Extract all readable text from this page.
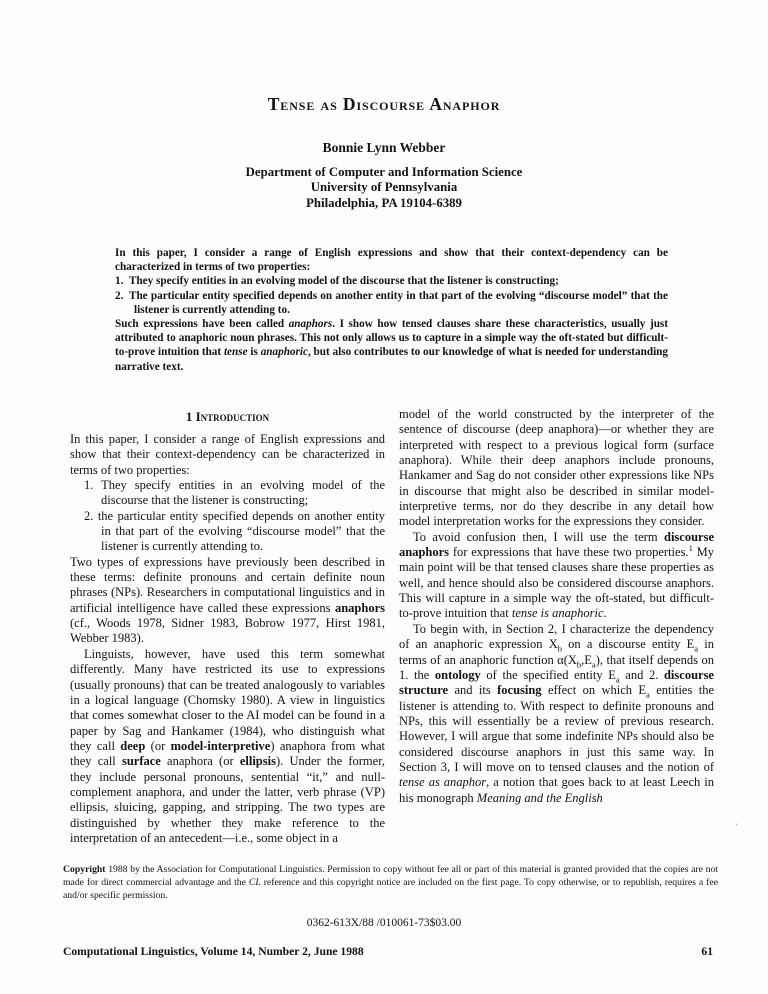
Tense as Discourse Anaphor
Bonnie Lynn Webber
Department of Computer and Information Science
University of Pennsylvania
Philadelphia, PA 19104-6389

In this paper, I consider a range of English expressions and show that their context-dependency can be characterized in terms of two properties:

1.  They specify entities in an evolving model of the discourse that the listener is constructing;

2.  The particular entity specified depends on another entity in that part of the evolving “discourse model” that the listener is currently attending to.

Such expressions have been called anaphors. I show how tensed clauses share these characteristics, usually just attributed to anaphoric noun phrases. This not only allows us to capture in a simple way the oft-stated but difficult-to-prove intuition that tense is anaphoric, but also contributes to our knowledge of what is needed for understanding narrative text.

1 Introduction

In this paper, I consider a range of English expressions and show that their context-dependency can be characterized in terms of two properties:

1. They specify entities in an evolving model of the discourse that the listener is constructing;

2. the particular entity specified depends on another entity in that part of the evolving “discourse model” that the listener is currently attending to.

Two types of expressions have previously been described in these terms: definite pronouns and certain definite noun phrases (NPs). Researchers in computational linguistics and in artificial intelligence have called these expressions anaphors (cf., Woods 1978, Sidner 1983, Bobrow 1977, Hirst 1981, Webber 1983).

Linguists, however, have used this term somewhat differently. Many have restricted its use to expressions (usually pronouns) that can be treated analogously to variables in a logical language (Chomsky 1980). A view in linguistics that comes somewhat closer to the AI model can be found in a paper by Sag and Hankamer (1984), who distinguish what they call deep (or model-interpretive) anaphora from what they call surface anaphora (or ellipsis). Under the former, they include personal pronouns, sentential “it,” and null-complement anaphora, and under the latter, verb phrase (VP) ellipsis, sluicing, gapping, and stripping. The two types are distinguished by whether they make reference to the interpretation of an antecedent—i.e., some object in a

model of the world constructed by the interpreter of the sentence of discourse (deep anaphora)—or whether they are interpreted with respect to a previous logical form (surface anaphora). While their deep anaphors include pronouns, Hankamer and Sag do not consider other expressions like NPs in discourse that might also be described in similar model-interpretive terms, nor do they describe in any detail how model interpretation works for the expressions they consider.

To avoid confusion then, I will use the term discourse anaphors for expressions that have these two properties.$^1$ My main point will be that tensed clauses share these properties as well, and hence should also be considered discourse anaphors. This will capture in a simple way the oft-stated, but difficult-to-prove intuition that tense is anaphoric.

To begin with, in Section 2, I characterize the dependency of an anaphoric expression $X_b$ on a discourse entity $E_a$ in terms of an anaphoric function $\alpha(X_b,E_a)$, that itself depends on 1. the ontology of the specified entity $E_a$ and 2. discourse structure and its focusing effect on which $E_a$ entities the listener is attending to. With respect to definite pronouns and NPs, this will essentially be a review of previous research. However, I will argue that some indefinite NPs should also be considered discourse anaphors in just this same way. In Section 3, I will move on to tensed clauses and the notion of tense as anaphor, a notion that goes back to at least Leech in his monograph Meaning and the English

Copyright 1988 by the Association for Computational Linguistics. Permission to copy without fee all or part of this material is granted provided that the copies are not made for direct commercial advantage and the CL reference and this copyright notice are included on the first page. To copy otherwise, or to republish, requires a fee and/or specific permission.
0362-613X/88 /010061-73$03.00
Computational Linguistics, Volume 14, Number 2, June 1988	61
’
